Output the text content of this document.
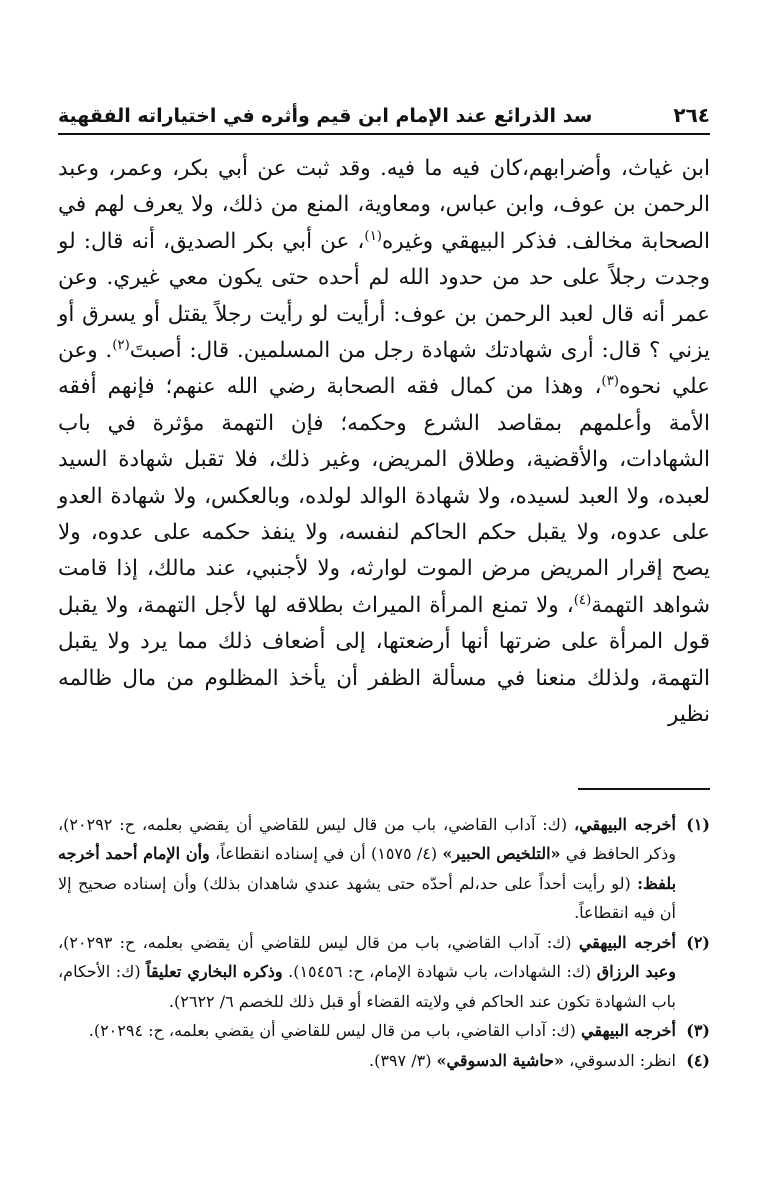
٢٦٤
سد الذرائع عند الإمام ابن قيم وأثره في اختياراته الفقهية

ابن غياث، وأضرابهم،كان فيه ما فيه. وقد ثبت عن أبي بكر، وعمر، وعبد الرحمن بن عوف، وابن عباس، ومعاوية، المنع من ذلك، ولا يعرف لهم في الصحابة مخالف. فذكر البيهقي وغيره$^{(١)}$، عن أبي بكر الصديق، أنه قال: لو وجدت رجلاً على حد من حدود الله لم أحده حتى يكون معي غيري. وعن عمر أنه قال لعبد الرحمن بن عوف: أرأيت لو رأيت رجلاً يقتل أو يسرق أو يزني ؟ قال: أرى شهادتك شهادة رجل من المسلمين. قال: أصبتَ$^{(٢)}$. وعن علي نحوه$^{(٣)}$، وهذا من كمال فقه الصحابة رضي الله عنهم؛ فإنهم أفقه الأمة وأعلمهم بمقاصد الشرع وحكمه؛ فإن التهمة مؤثرة في باب الشهادات، والأقضية، وطلاق المريض، وغير ذلك، فلا تقبل شهادة السيد لعبده، ولا العبد لسيده، ولا شهادة الوالد لولده، وبالعكس، ولا شهادة العدو على عدوه، ولا يقبل حكم الحاكم لنفسه، ولا ينفذ حكمه على عدوه، ولا يصح إقرار المريض مرض الموت لوارثه، ولا لأجنبي، عند مالك، إذا قامت شواهد التهمة$^{(٤)}$، ولا تمنع المرأة الميراث بطلاقه لها لأجل التهمة، ولا يقبل قول المرأة على ضرتها أنها أرضعتها، إلى أضعاف ذلك مما يرد ولا يقبل التهمة، ولذلك منعنا في مسألة الظفر أن يأخذ المظلوم من مال ظالمه نظير

(١)
أخرجه البيهقي، (ك: آداب القاضي، باب من قال ليس للقاضي أن يقضي بعلمه، ح: ٢٠٢٩٢)، وذكر الحافظ في «التلخيص الحبير» (٤/ ١٥٧٥) أن في إسناده انقطاعاً، وأن الإمام أحمد أخرجه بلفظ: (لو رأيت أحداً على حد،لم أحدّه حتى يشهد عندي شاهدان بذلك) وأن إسناده صحيح إلا أن فيه انقطاعاً.
(٢)
أخرجه البيهقي (ك: آداب القاضي، باب من قال ليس للقاضي أن يقضي بعلمه، ح: ٢٠٢٩٣)، وعبد الرزاق (ك: الشهادات، باب شهادة الإمام، ح: ١٥٤٥٦). وذكره البخاري تعليقاً (ك: الأحكام، باب الشهادة تكون عند الحاكم في ولايته القضاء أو قبل ذلك للخصم ٦/ ٢٦٢٢).
(٣)
أخرجه البيهقي (ك: آداب القاضي، باب من قال ليس للقاضي أن يقضي بعلمه، ح: ٢٠٢٩٤).
(٤)
انظر: الدسوقي، «حاشية الدسوقي» (٣/ ٣٩٧).
